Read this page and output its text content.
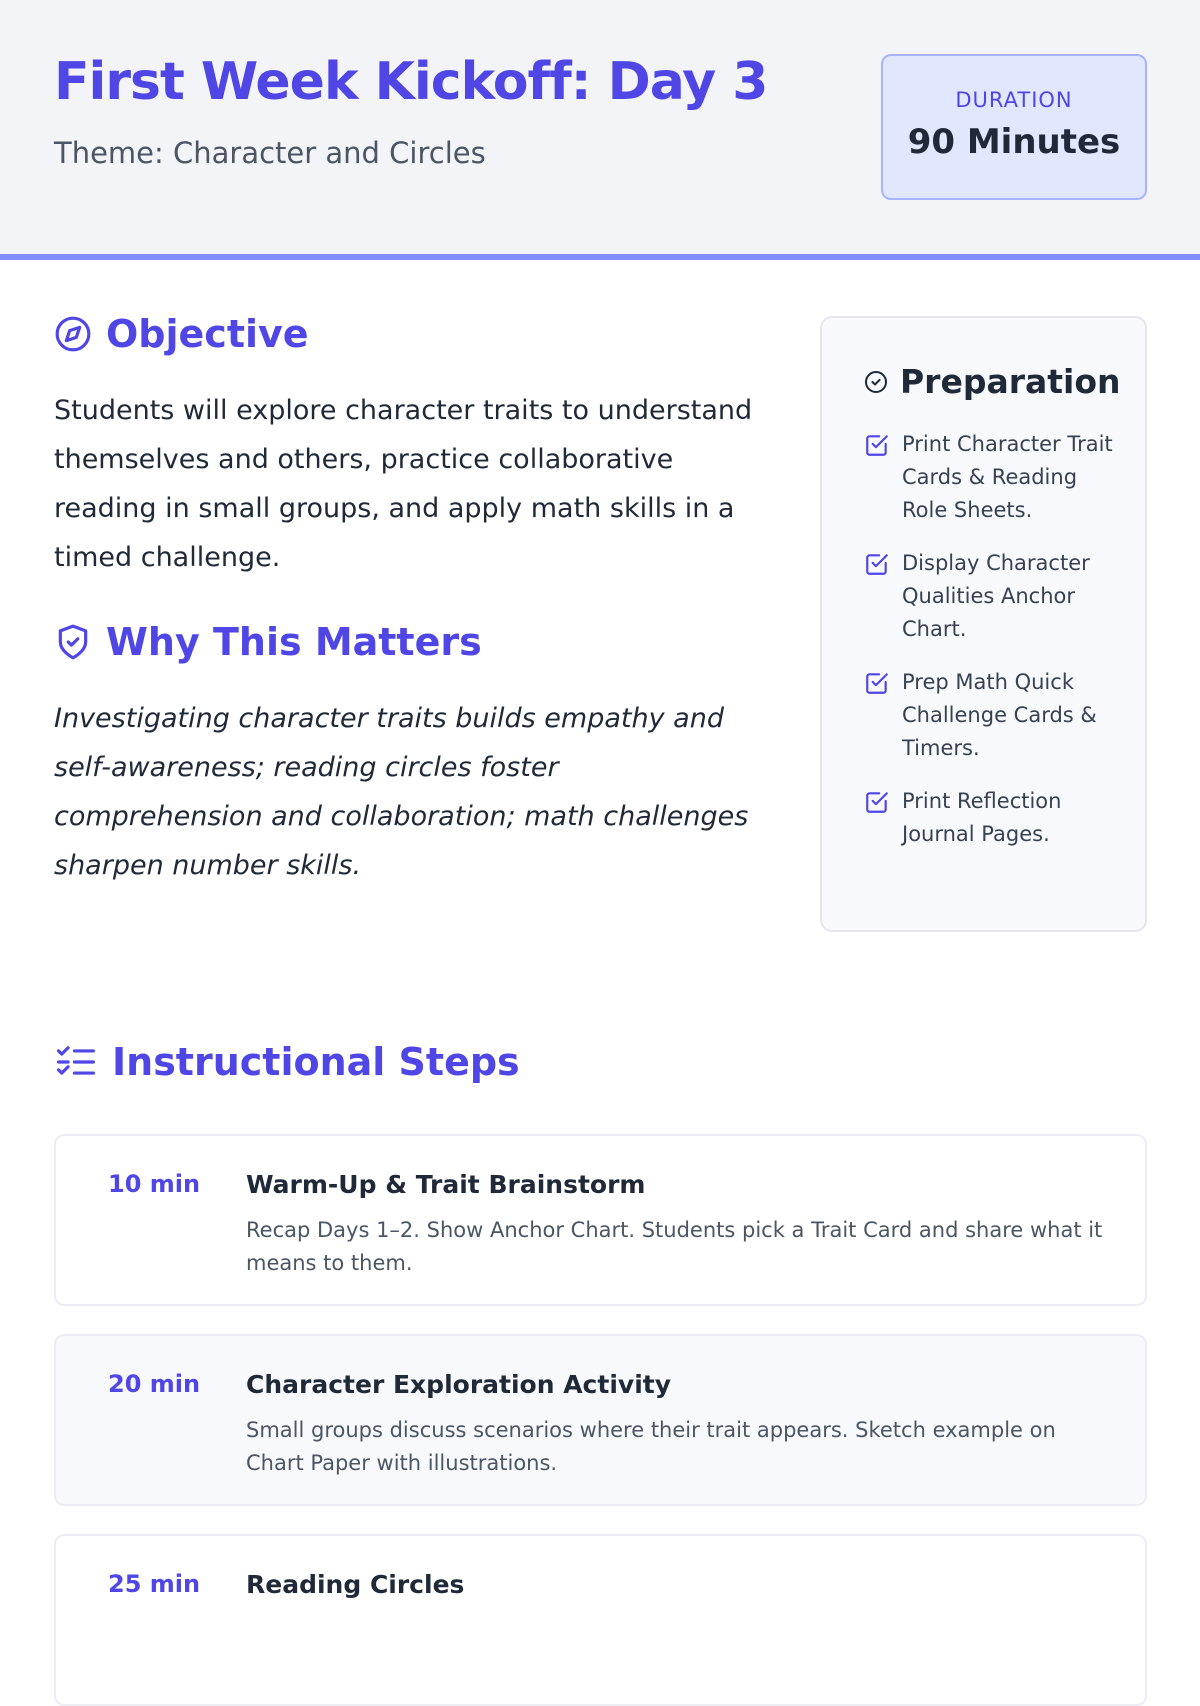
First Week Kickoff: Day 3

Theme: Character and Circles

DURATION
90 Minutes
Objective

Students will explore character traits to understand themselves and others, practice collaborative reading in small groups, and apply math skills in a timed challenge.

Why This Matters

Investigating character traits builds empathy and self-awareness; reading circles foster comprehension and collaboration; math challenges sharpen number skills.

Preparation
Print Character Trait Cards & Reading Role Sheets.
Display Character Qualities Anchor Chart.
Prep Math Quick Challenge Cards & Timers.
Print Reflection Journal Pages.
Instructional Steps
10 min Warm-Up & Trait Brainstorm
Recap Days 1–2. Show Anchor Chart. Students pick a Trait Card and share what it means to them.
20 min Character Exploration Activity
Small groups discuss scenarios where their trait appears. Sketch example on Chart Paper with illustrations.
25 min Reading Circles
